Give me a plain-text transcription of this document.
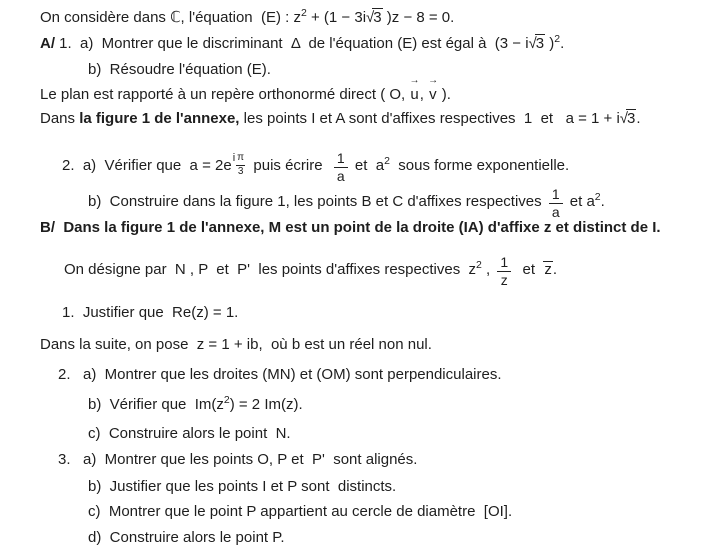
On considère dans ℂ, l'équation  (E) : $z^2 + (1 - 3i√3$ )z − 8 = 0.
A/ 1.  a)  Montrer que le discriminant  Δ  de l'équation (E) est égal à  (3 − i√3 )$^2$.
b)  Résoudre l'équation (E).
Le plan est rapporté à un repère orthonormé direct ( O,
→
u,
→
v ).
Dans la figure 1 de l'annexe, les points I et A sont d'affixes respectives  1  et   a = 1 + i√3.
2.  a)  Vérifier que  a = 2e i $\frac{\pi}{3}$ puis écrire $\frac{1}{a}$ et  $a^2$  sous forme exponentielle.
b)  Construire dans la figure 1, les points B et C d'affixes respectives $\frac{1}{a}$ et $a^2$.
B/  Dans la figure 1 de l'annexe, M est un point de la droite (IA) d'affixe z et distinct de I.
On désigne par  N , P  et  P'  les points d'affixes respectives  $z^2$ , $\frac{1}{z}$ et  z.
1.  Justifier que  Re(z) = 1.
Dans la suite, on pose  z = 1 + ib,  où b est un réel non nul.
2.   a)  Montrer que les droites (MN) et (OM) sont perpendiculaires.
b)  Vérifier que  $Im(z^2) = 2$ Im(z).
c)  Construire alors le point  N.
3.   a)  Montrer que les points O, P et  P'  sont alignés.
b)  Justifier que les points I et P sont  distincts.
c)  Montrer que le point P appartient au cercle de diamètre  [OI].
d)  Construire alors le point P.
